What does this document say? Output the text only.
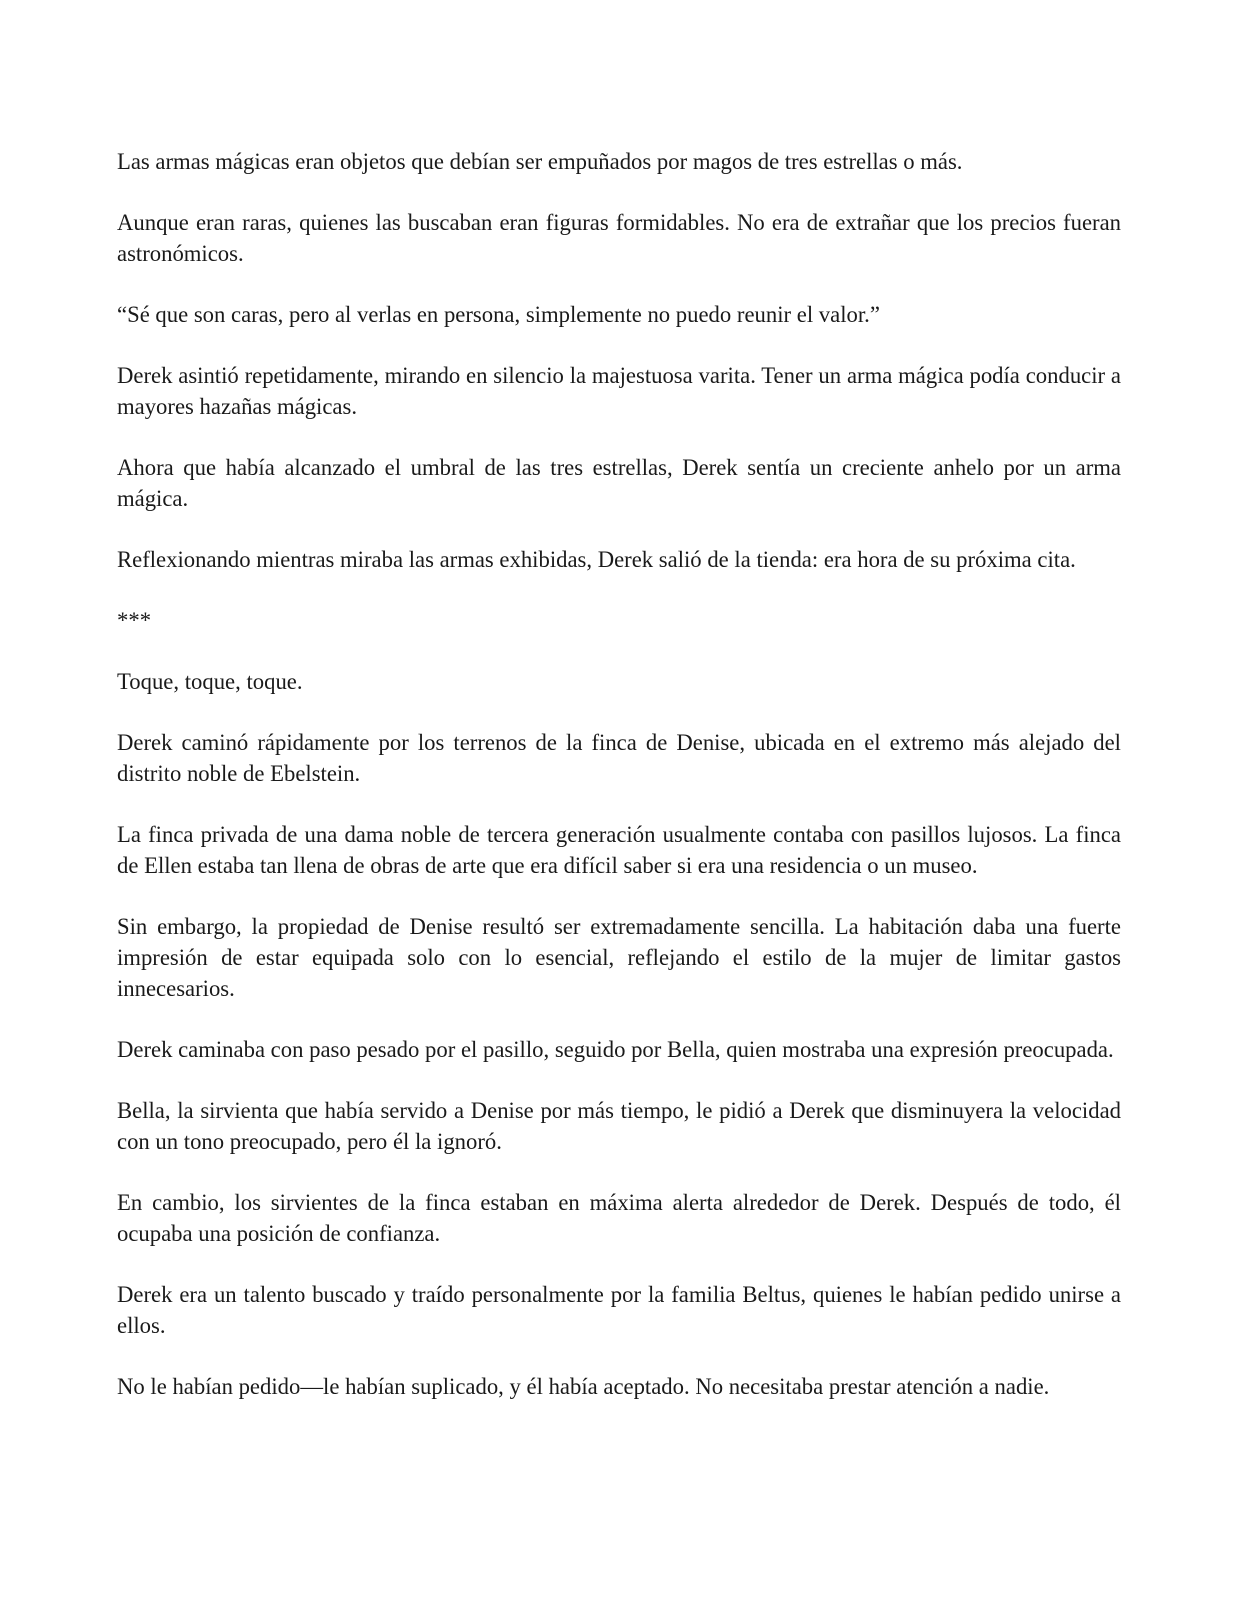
Las armas mágicas eran objetos que debían ser empuñados por magos de tres estrellas o más.

Aunque eran raras, quienes las buscaban eran figuras formidables. No era de extrañar que los precios fueran astronómicos.

“Sé que son caras, pero al verlas en persona, simplemente no puedo reunir el valor.”

Derek asintió repetidamente, mirando en silencio la majestuosa varita. Tener un arma mágica podía conducir a mayores hazañas mágicas.

Ahora que había alcanzado el umbral de las tres estrellas, Derek sentía un creciente anhelo por un arma mágica.

Reflexionando mientras miraba las armas exhibidas, Derek salió de la tienda: era hora de su próxima cita.

***

Toque, toque, toque.

Derek caminó rápidamente por los terrenos de la finca de Denise, ubicada en el extremo más alejado del distrito noble de Ebelstein.

La finca privada de una dama noble de tercera generación usualmente contaba con pasillos lujosos. La finca de Ellen estaba tan llena de obras de arte que era difícil saber si era una residencia o un museo.

Sin embargo, la propiedad de Denise resultó ser extremadamente sencilla. La habitación daba una fuerte impresión de estar equipada solo con lo esencial, reflejando el estilo de la mujer de limitar gastos innecesarios.

Derek caminaba con paso pesado por el pasillo, seguido por Bella, quien mostraba una expresión preocupada.

Bella, la sirvienta que había servido a Denise por más tiempo, le pidió a Derek que disminuyera la velocidad con un tono preocupado, pero él la ignoró.

En cambio, los sirvientes de la finca estaban en máxima alerta alrededor de Derek. Después de todo, él ocupaba una posición de confianza.

Derek era un talento buscado y traído personalmente por la familia Beltus, quienes le habían pedido unirse a ellos.

No le habían pedido—le habían suplicado, y él había aceptado. No necesitaba prestar atención a nadie.
